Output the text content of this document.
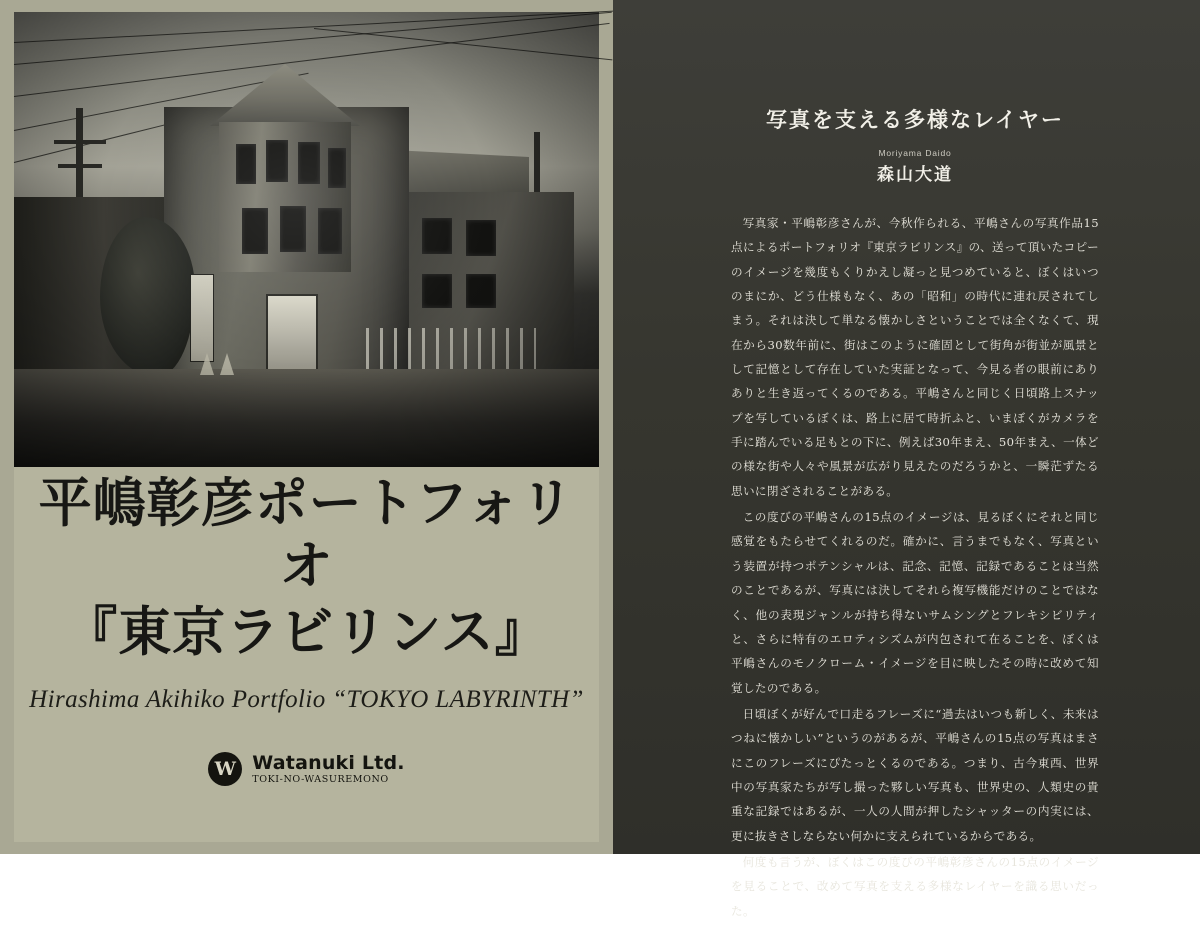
平嶋彰彦ポートフォリオ
『東京ラビリンス』
Hirashima Akihiko Portfolio “TOKYO LABYRINTH”
W Watanuki Ltd.
TOKI-NO-WASUREMONO
写真を支える多様なレイヤー
Moriyama Daido
森山大道

写真家・平嶋彰彦さんが、今秋作られる、平嶋さんの写真作品15点によるポートフォリオ『東京ラビリンス』の、送って頂いたコピーのイメージを幾度もくりかえし凝っと見つめていると、ぼくはいつのまにか、どう仕様もなく、あの「昭和」の時代に連れ戻されてしまう。それは決して単なる懐かしさということでは全くなくて、現在から30数年前に、街はこのように確固として街角が街並が風景として記憶として存在していた実証となって、今見る者の眼前にありありと生き返ってくるのである。平嶋さんと同じく日頃路上スナップを写しているぼくは、路上に居て時折ふと、いまぼくがカメラを手に踏んでいる足もとの下に、例えば30年まえ、50年まえ、一体どの様な街や人々や風景が広がり見えたのだろうかと、一瞬茫ずたる思いに閉ざされることがある。

この度びの平嶋さんの15点のイメージは、見るぼくにそれと同じ感覚をもたらせてくれるのだ。確かに、言うまでもなく、写真という装置が持つポテンシャルは、記念、記憶、記録であることは当然のことであるが、写真には決してそれら複写機能だけのことではなく、他の表現ジャンルが持ち得ないサムシングとフレキシビリティと、さらに特有のエロティシズムが内包されて在ることを、ぼくは平嶋さんのモノクローム・イメージを目に映したその時に改めて知覚したのである。

日頃ぼくが好んで口走るフレーズに“過去はいつも新しく、未来はつねに懐かしい”というのがあるが、平嶋さんの15点の写真はまさにこのフレーズにぴたっとくるのである。つまり、古今東西、世界中の写真家たちが写し撮った夥しい写真も、世界史の、人類史の貴重な記録ではあるが、一人の人間が押したシャッターの内実には、更に抜きさしならない何かに支えられているからである。

何度も言うが、ぼくはこの度びの平嶋彰彦さんの15点のイメージを見ることで、改めて写真を支える多様なレイヤーを識る思いだった。
